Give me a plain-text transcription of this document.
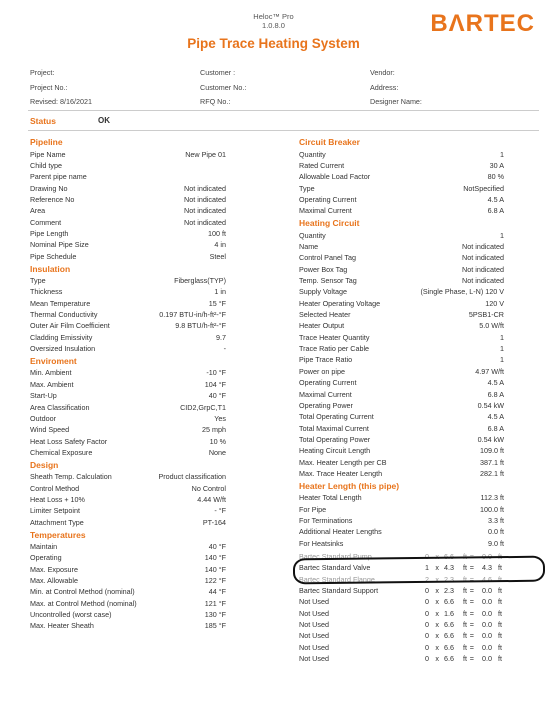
Heloc™ Pro
1.0.8.0
Pipe Trace Heating System
BΛRTEC
Project:
Project No.:
Revised: 8/16/2021
Customer :
Customer No.:
RFQ No.:
Vendor:
Address:
Designer Name:
Status	OK
Pipeline
Pipe Name	New Pipe 01
Child type
Parent pipe name
Drawing No	Not indicated
Reference No	Not indicated
Area	Not indicated
Comment	Not indicated
Pipe Length	100 ft
Nominal Pipe Size	4 in
Pipe Schedule	Steel
Insulation
Type	Fiberglass(TYP)
Thickness	1 in
Mean Temperature	15 °F
Thermal Conductivity	0.197 BTU-in/h-ft²-°F
Outer Air Film Coefficient	9.8 BTU/h-ft²-°F
Cladding Emissivity	9.7
Oversized Insulation	-
Enviroment
Min. Ambient	-10 °F
Max. Ambient	104 °F
Start-Up	40 °F
Area Classification	CID2,GrpC,T1
Outdoor	Yes
Wind Speed	25 mph
Heat Loss Safety Factor	10 %
Chemical Exposure	None
Design
Sheath Temp. Calculation	Product classification
Control Method	No Control
Heat Loss + 10%	4.44 W/ft
Limiter Setpoint	- °F
Attachment Type	PT-164
Temperatures
Maintain	40 °F
Operating	140 °F
Max. Exposure	140 °F
Max. Allowable	122 °F
Min. at Control Method (nominal)	44 °F
Max. at Control Method (nominal)	121 °F
Uncontrolled (worst case)	130 °F
Max. Heater Sheath	185 °F
Circuit Breaker
Quantity	1
Rated Current	30 A
Allowable Load Factor	80 %
Type	NotSpecified
Operating Current	4.5 A
Maximal Current	6.8 A
Heating Circuit
Quantity	1
Name	Not indicated
Control Panel Tag	Not indicated
Power Box Tag	Not indicated
Temp. Sensor Tag	Not indicated
Supply Voltage	(Single Phase, L-N) 120 V
Heater Operating Voltage	120 V
Selected Heater	5PSB1-CR
Heater Output	5.0 W/ft
Trace Heater Quantity	1
Trace Ratio per Cable	1
Pipe Trace Ratio	1
Power on pipe	4.97 W/ft
Operating Current	4.5 A
Maximal Current	6.8 A
Operating Power	0.54 kW
Total Operating Current	4.5 A
Total Maximal Current	6.8 A
Total Operating Power	0.54 kW
Heating Circuit Length	109.0 ft
Max. Heater Length per CB	387.1 ft
Max. Trace Heater Length	282.1 ft
Heater Length (this pipe)
Heater Total Length	112.3 ft
For Pipe	100.0 ft
For Terminations	3.3 ft
Additional Heater Lengths	0.0 ft
For Heatsinks	9.0 ft
Bartec Standard Pump	0 x 6.6	ft =	0.0 ft
Bartec Standard Valve	1 x 4.3	ft =	4.3 ft
Bartec Standard Flange	2 x 2.3	ft =	4.6 ft
Bartec Standard Support	0 x 2.3	ft =	0.0 ft
Not Used	0 x 6.6	ft =	0.0 ft
Not Used	0 x 1.6	ft =	0.0 ft
Not Used	0 x 6.6	ft =	0.0 ft
Not Used	0 x 6.6	ft =	0.0 ft
Not Used	0 x 6.6	ft =	0.0 ft
Not Used	0 x 6.6	ft =	0.0 ft
